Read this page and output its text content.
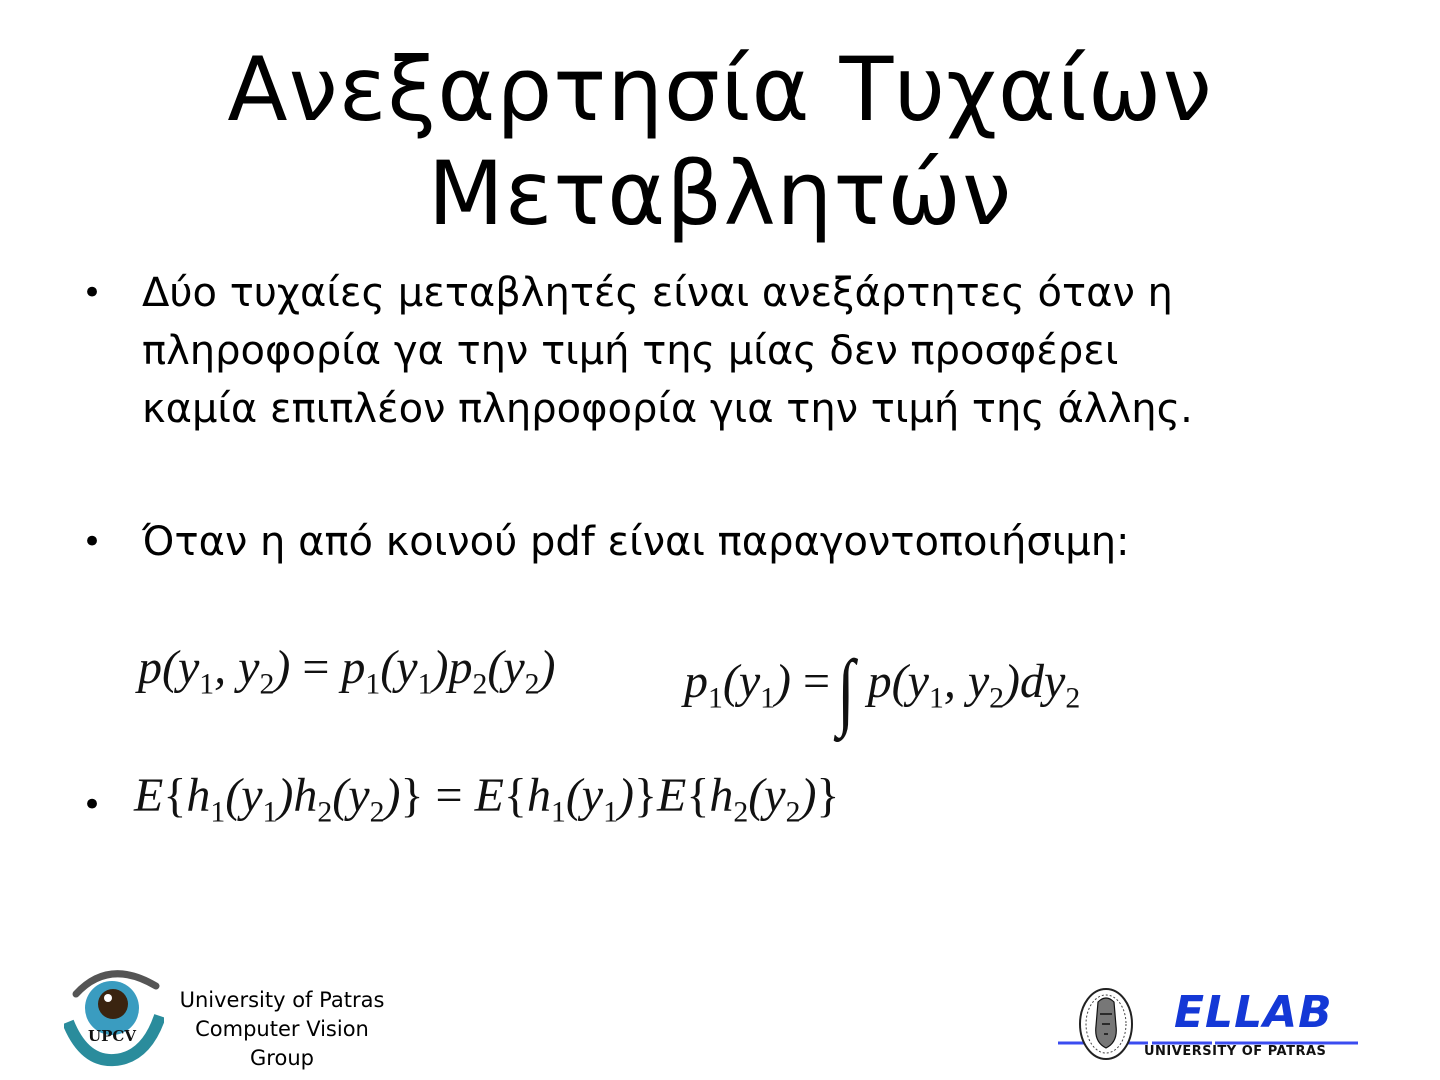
Ανεξαρτησία Τυχαίων
Μεταβλητών
• Δύο τυχαίες μεταβλητές είναι ανεξάρτητες όταν η
πληροφορία γα την τιμή της μίας δεν προσφέρει
καμία επιπλέον πληροφορία για την τιμή της άλλης.
• Όταν η από κοινού pdf είναι παραγοντοποιήσιμη:
$p(y_1$, $y_2) = p_1(y_1)p_2(y_2)$	$p_1(y_1)$ =∫ $p(y_1$, $y_2)dy_2$
• $E\{h_1(y_1)h_2(y_2)\} = E\{h_1(y_1)\}E\{h_2(y_2)\}$
UPCV
University of Patras
Computer Vision
Group
ELLAB
UNIVERSITY OF PATRAS
